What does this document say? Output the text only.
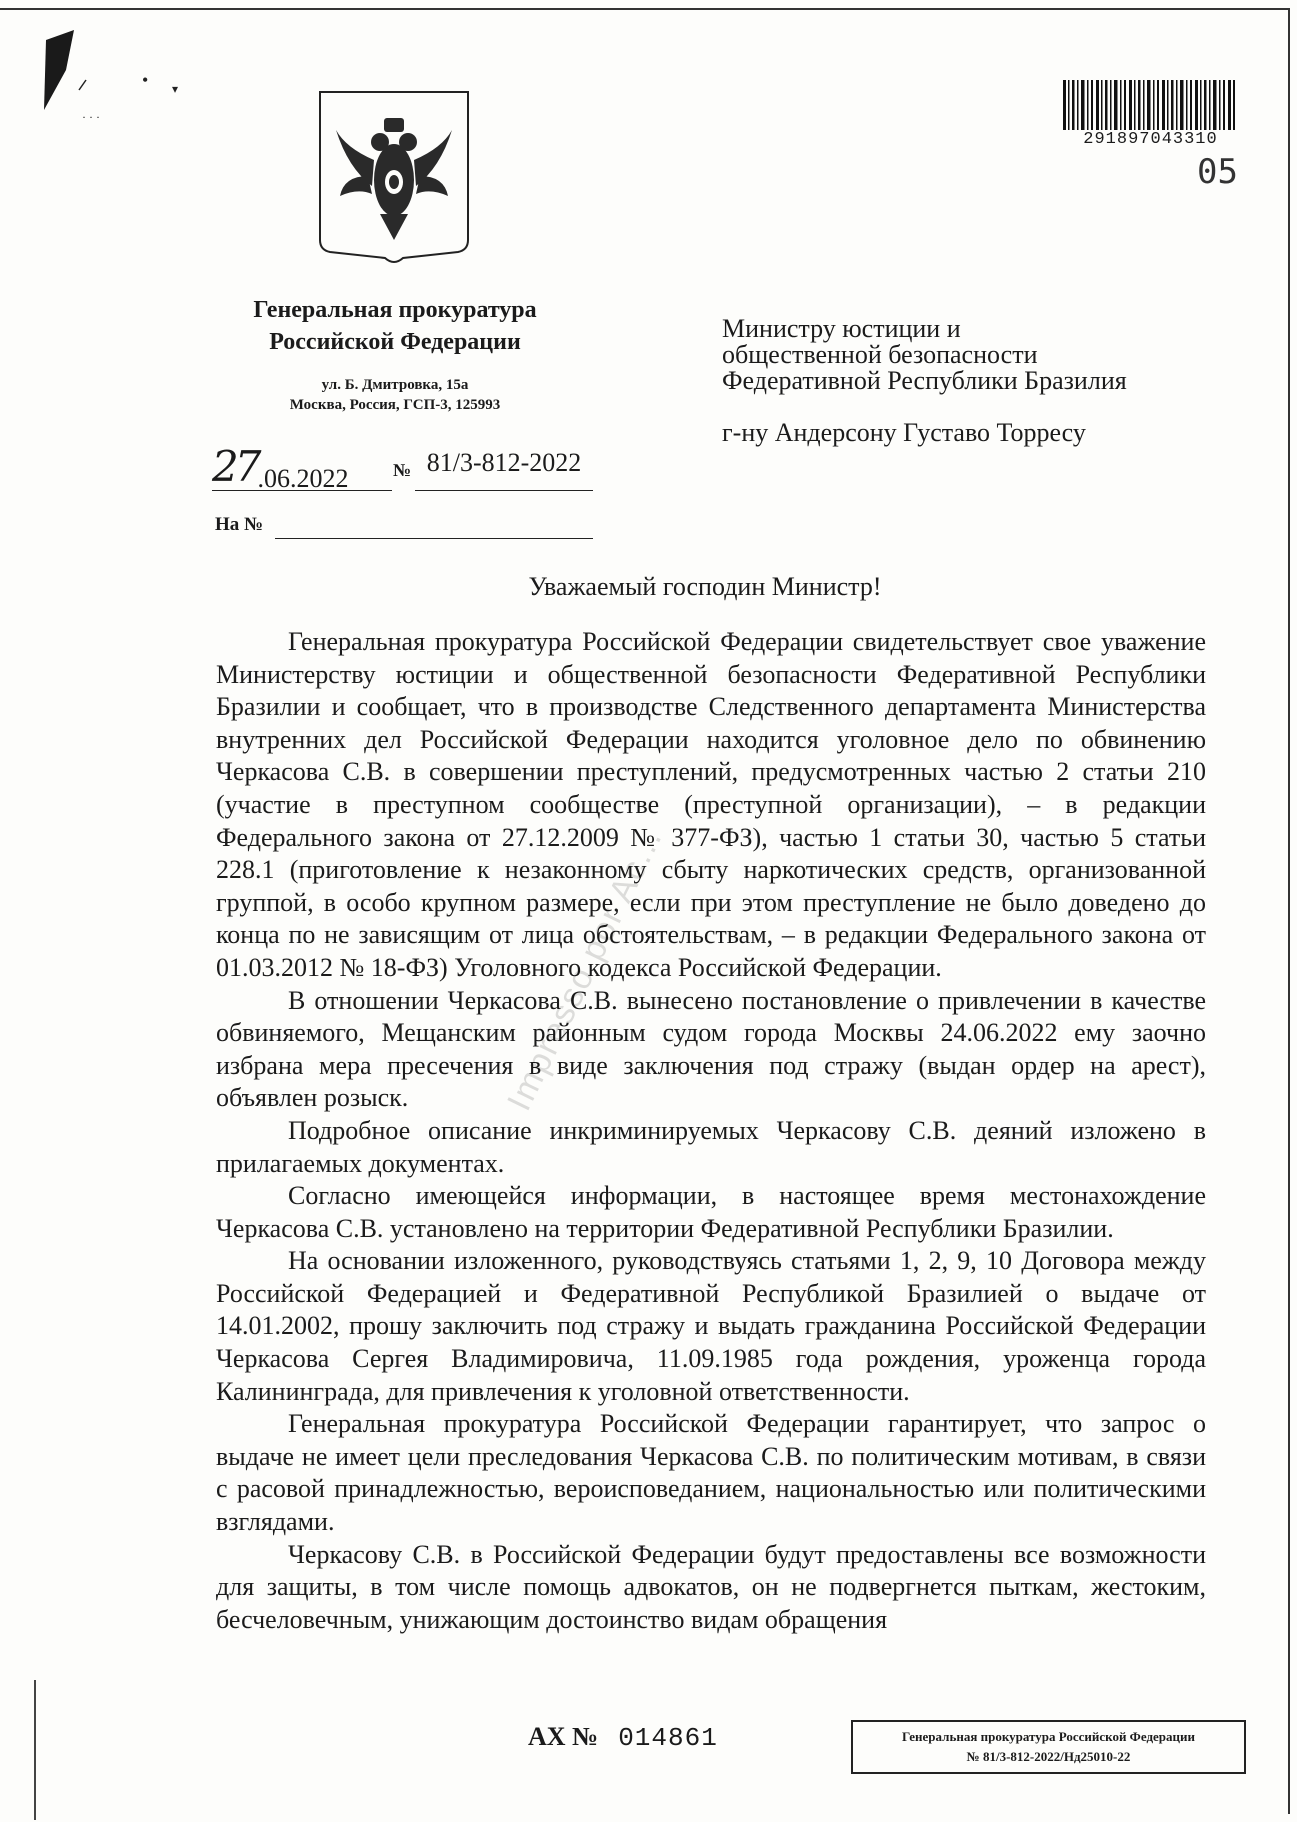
• ▾
· · ·
291897043310
05
Генеральная прокуратура
Российской Федерации
ул. Б. Дмитровка, 15а
Москва, Россия, ГСП-3, 125993
27.06.2022	№ 81/3-812-2022
На №
Министру юстиции и
общественной безопасности
Федеративной Республики Бразилия
г-ну Андерсону Густаво Торресу
Уважаемый господин Министр!

Генеральная прокуратура Российской Федерации свидетельствует свое уважение Министерству юстиции и общественной безопасности Федеративной Республики Бразилии и сообщает, что в производстве Следственного департамента Министерства внутренних дел Российской Федерации находится уголовное дело по обвинению Черкасова С.В. в совершении преступлений, предусмотренных частью 2 статьи 210 (участие в преступном сообществе (преступной организации), – в редакции Федерального закона от 27.12.2009 № 377-ФЗ), частью 1 статьи 30, частью 5 статьи 228.1 (приготовление к незаконному сбыту наркотических средств, организованной группой, в особо крупном размере, если при этом преступление не было доведено до конца по не зависящим от лица обстоятельствам, – в редакции Федерального закона от 01.03.2012 № 18-ФЗ) Уголовного кодекса Российской Федерации.

В отношении Черкасова С.В. вынесено постановление о привлечении в качестве обвиняемого, Мещанским районным судом города Москвы 24.06.2022 ему заочно избрана мера пресечения в виде заключения под стражу (выдан ордер на арест), объявлен розыск.

Подробное описание инкриминируемых Черкасову С.В. деяний изложено в прилагаемых документах.

Согласно имеющейся информации, в настоящее время местонахождение Черкасова С.В. установлено на территории Федеративной Республики Бразилии.

На основании изложенного, руководствуясь статьями 1, 2, 9, 10 Договора между Российской Федерацией и Федеративной Республикой Бразилией о выдаче от 14.01.2002, прошу заключить под стражу и выдать гражданина Российской Федерации Черкасова Сергея Владимировича, 11.09.1985 года рождения, уроженца города Калининграда, для привлечения к уголовной ответственности.

Генеральная прокуратура Российской Федерации гарантирует, что запрос о выдаче не имеет цели преследования Черкасова С.В. по политическим мотивам, в связи с расовой принадлежностью, вероисповеданием, национальностью или политическими взглядами.

Черкасову С.В. в Российской Федерации будут предоставлены все возможности для защиты, в том числе помощь адвокатов, он не подвергнется пыткам, жестоким, бесчеловечным, унижающим достоинство видам обращения

Impresso por Ac...
АХ № 014861	Генеральная прокуратура Российской Федерации
№ 81/3-812-2022/Нд25010-22
